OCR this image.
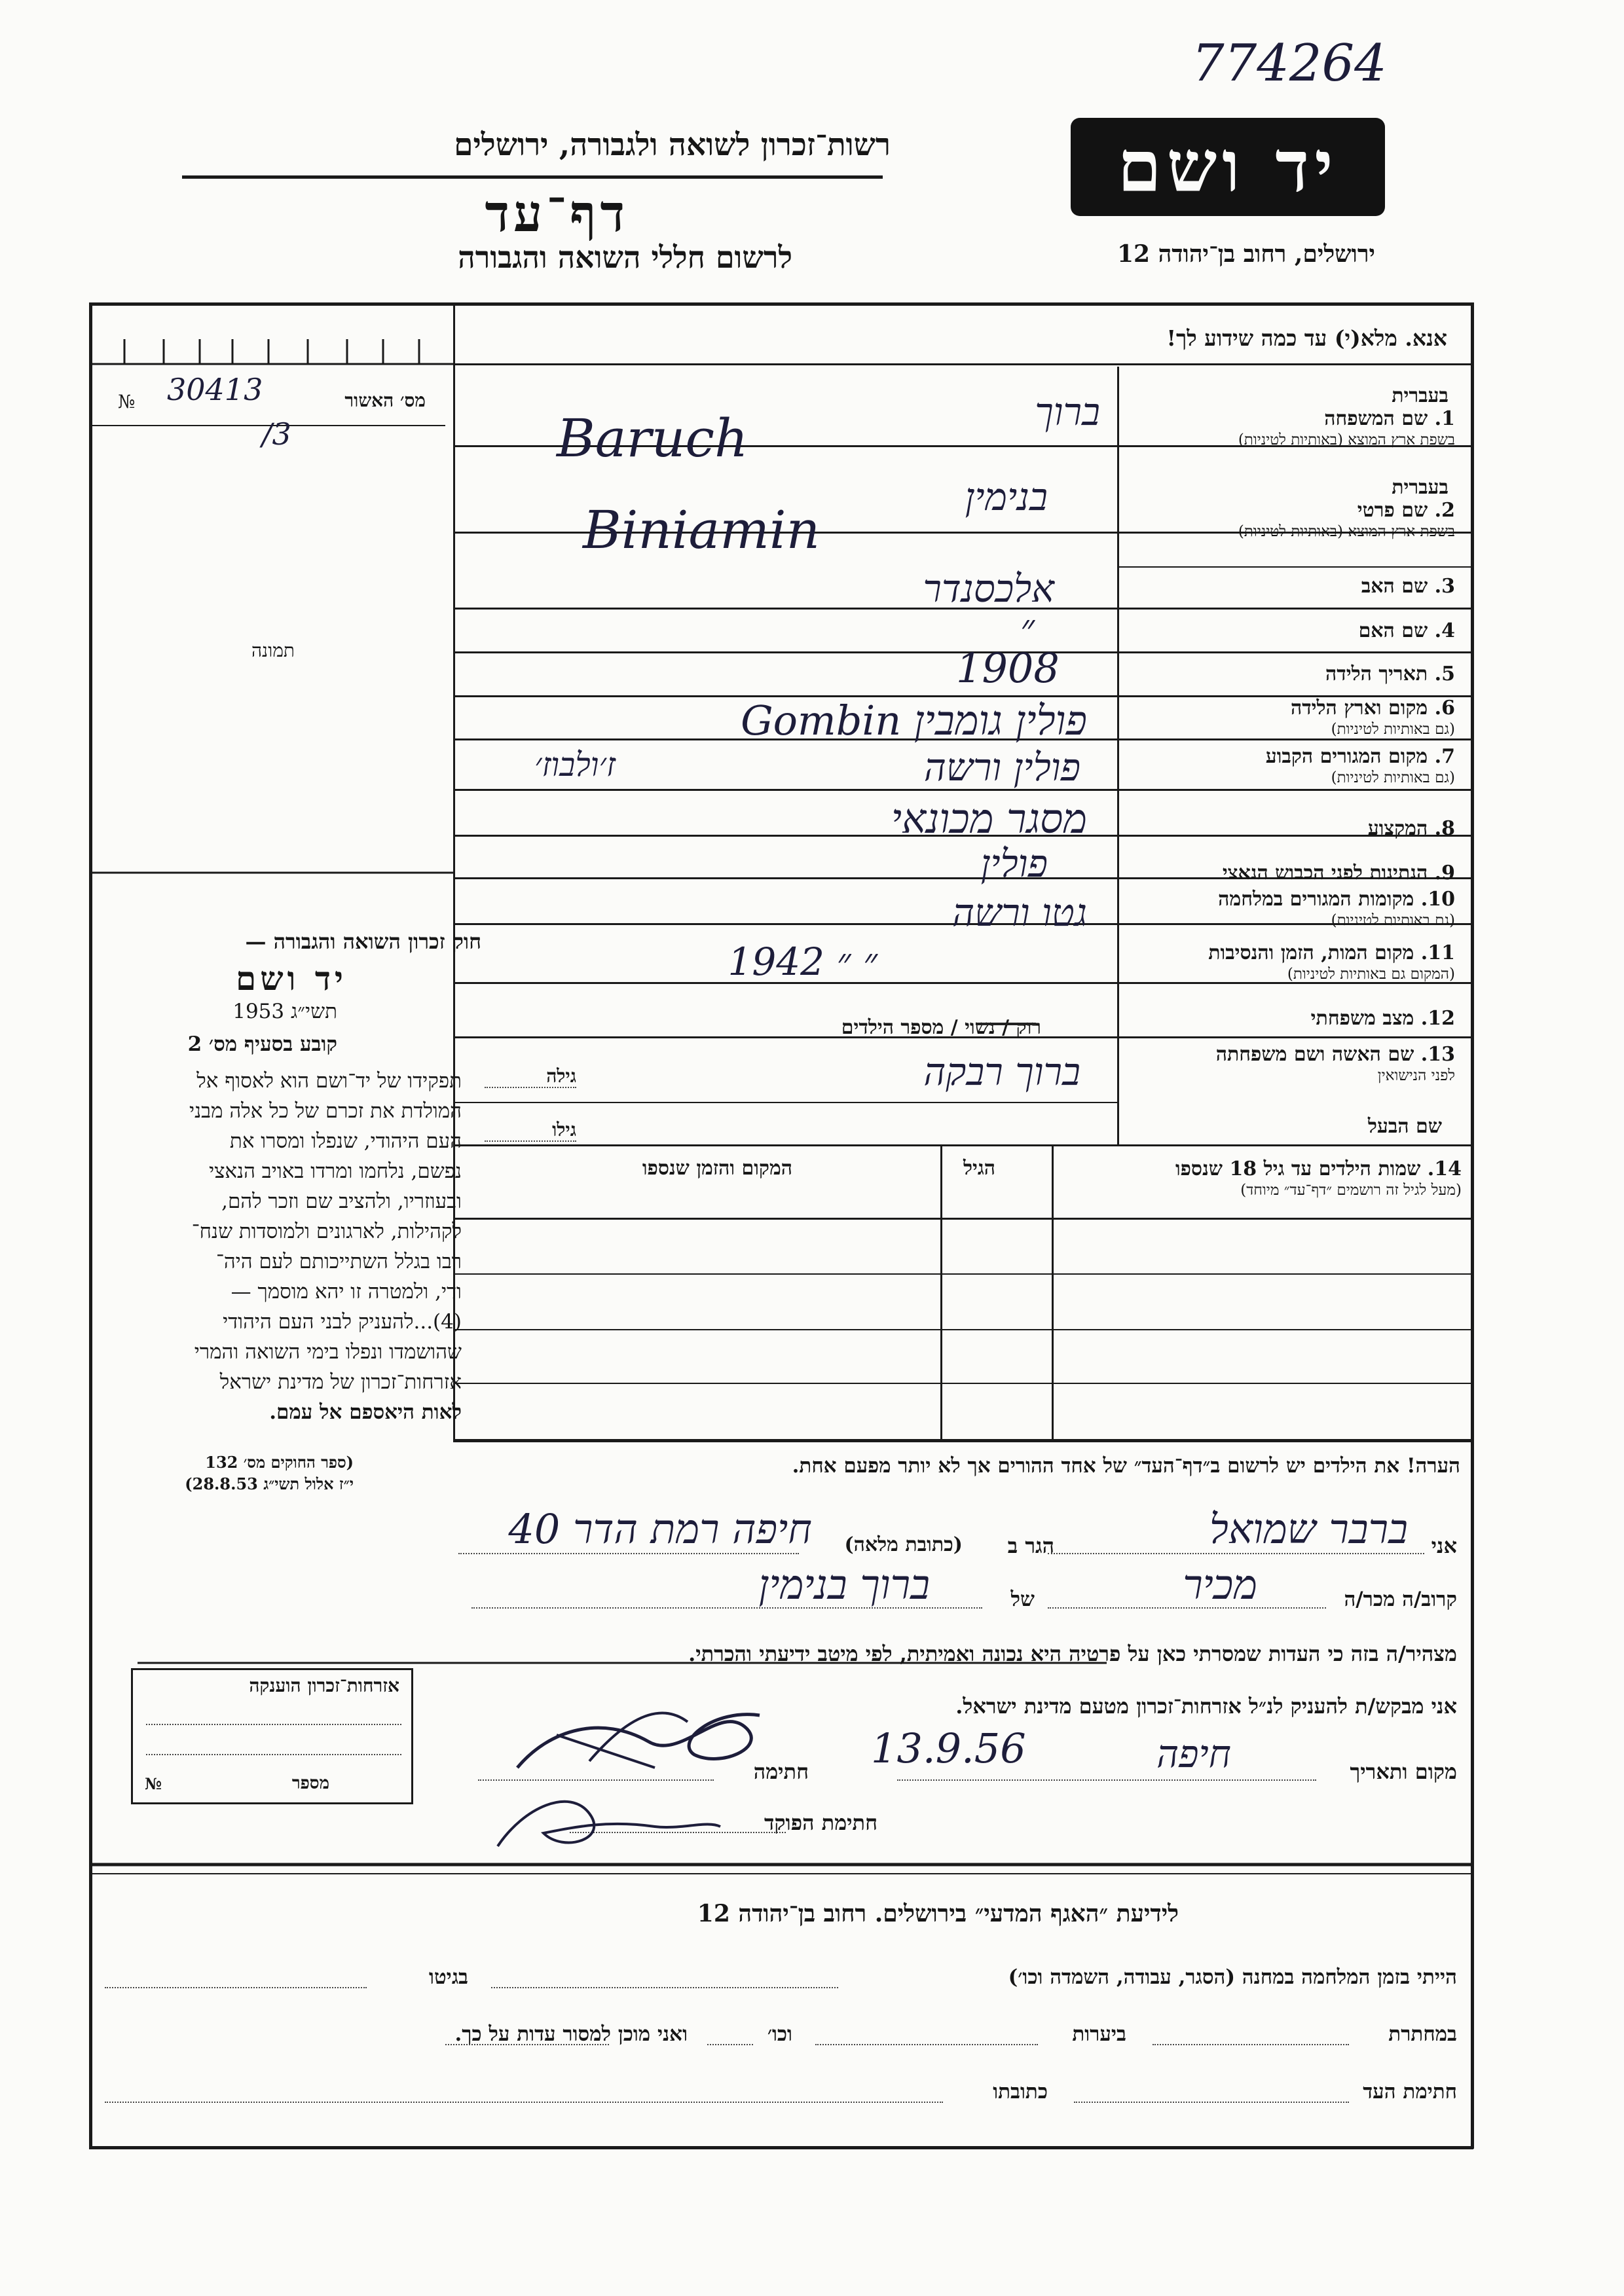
774264
רשות־זכרון לשואה ולגבורה, ירושלים
דף־עד
לרשום חללי השואה והגבורה
יד ושם
ירושלים, רחוב בן־יהודה 12
אנא. מלא(י) עד כמה שידוע לך!
№ 30413
/3
מס׳ האשור
תמונה
חוק זכרון השואה והגבורה —
יד ושם
תשי״ג 1953
קובע בסעיף מס׳ 2
תפקידו של יד־ושם הוא לאסוף אל
המולדת את זכרם של כל אלה מבני
העם היהודי, שנפלו ומסרו את
נפשם, נלחמו ומרדו באויב הנאצי
ובעוזריו, ולהציב שם וזכר להם,
לקהילות, לארגונים ולמוסדות שנח־
רבו בגלל השתייכותם לעם היה־
ודי, ולמטרה זו יהא מוסמך —
(4)...להעניק לבני העם היהודי
שהושמדו ונפלו בימי השואה והמרי
אזרחות־זכרון של מדינת ישראל
לאות היאספם אל עמם.
(ספר החוקים מס׳ 132
י״ז אלול תשי״ג 28.8.53)
בעברית
1. שם המשפחה
בשפת ארץ המוצא (באותיות לטיניות)
בעברית
2. שם פרטי
בשפת ארץ המוצא (באותיות לטיניות)
3. שם האב
4. שם האם
5. תאריך הלידה
6. מקום וארץ הלידה
(גם באותיות לטיניות)
7. מקום המגורים הקבוע
(גם באותיות לטיניות)
8. המקצוע
9. הנתינות לפני הכבוש הנאצי
10. מקומות המגורים במלחמה
(גם באותיות לטיניות)
11. מקום המות, הזמן והנסיבות
(המקום גם באותיות לטיניות)
12. מצב משפחתי
13. שם האשה ושם משפחתה
לפני הנישואין
שם הבעל
ברוך
Baruch
בנימין
Biniamin
אלכסנדר
״
1908
פולין גומבין Gombin
פולין ורשה
ז׳ולבוז׳
מסגר מכונאי
פולין
גטו ורשה
״ ״ 1942
רוק / נשוי / מספר הילדים
ברוך רבקה
גילה
גילו
14. שמות הילדים עד גיל 18 שנספו
(מעל לגיל זה רושמים ״דף־עד״ מיוחד)
הגיל
המקום והזמן שנספו
הערה! את הילדים יש לרשום ב״דף־העד״ של אחד ההורים אך לא יותר מפעם אחת.
אני
ברבר שמואל
הגר ב
(כתובת מלאה)
חיפה רמת הדר 40
קרוב/ה מכר/ה
מכיר
של
ברוך בנימין
מצהיר/ה בזה כי העדות שמסרתי כאן על פרטיה היא נכונה ואמיתית, לפי מיטב ידיעתי והכרתי.
אני מבקש/ת להעניק לנ״ל אזרחות־זכרון מטעם מדינת ישראל.
מקום ותאריך
חיפה
13.9.56
חתימה
חתימת הפוקד
אזרחות־זכרון הוענקה
№	מספר
לידיעת ״האגף המדעי״ בירושלים. רחוב בן־יהודה 12
הייתי בזמן המלחמה במחנה (הסגר, עבודה, השמדה וכו׳)
בגיטו
במחתרת
ביערות
וכו׳
ואני מוכן למסור עדות על כך.
חתימת העד
כתובתו
